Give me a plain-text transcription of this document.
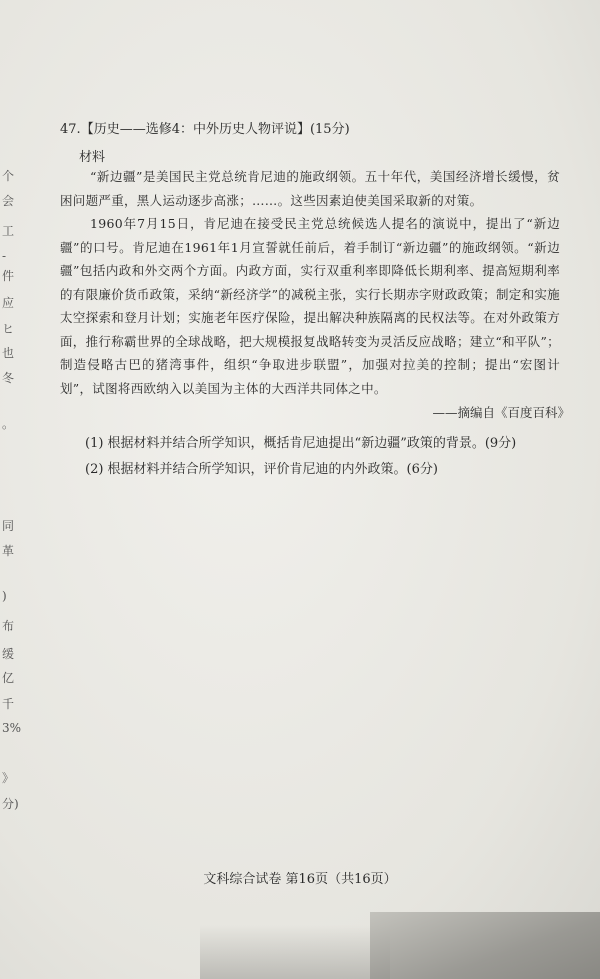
个
会
工
-
件
应
ヒ
也
冬
。
同
革
)
布
缓
亿
千
3%
》
分)
47.【历史——选修4：中外历史人物评说】(15分)
材料
“新边疆”是美国民主党总统肯尼迪的施政纲领。五十年代，美国经济增长缓慢，贫困问题严重，黑人运动逐步高涨；……。这些因素迫使美国采取新的对策。
1960年7月15日，肯尼迪在接受民主党总统候选人提名的演说中，提出了“新边疆”的口号。肯尼迪在1961年1月宣誓就任前后，着手制订“新边疆”的施政纲领。“新边疆”包括内政和外交两个方面。内政方面，实行双重利率即降低长期利率、提高短期利率的有限廉价货币政策，采纳“新经济学”的减税主张，实行长期赤字财政政策；制定和实施太空探索和登月计划；实施老年医疗保险，提出解决种族隔离的民权法等。在对外政策方面，推行称霸世界的全球战略，把大规模报复战略转变为灵活反应战略；建立“和平队”；制造侵略古巴的猪湾事件，组织“争取进步联盟”，加强对拉美的控制；提出“宏图计划”，试图将西欧纳入以美国为主体的大西洋共同体之中。
——摘编自《百度百科》
(1) 根据材料并结合所学知识，概括肯尼迪提出“新边疆”政策的背景。(9分)
(2) 根据材料并结合所学知识，评价肯尼迪的内外政策。(6分)
文科综合试卷 第16页（共16页）
